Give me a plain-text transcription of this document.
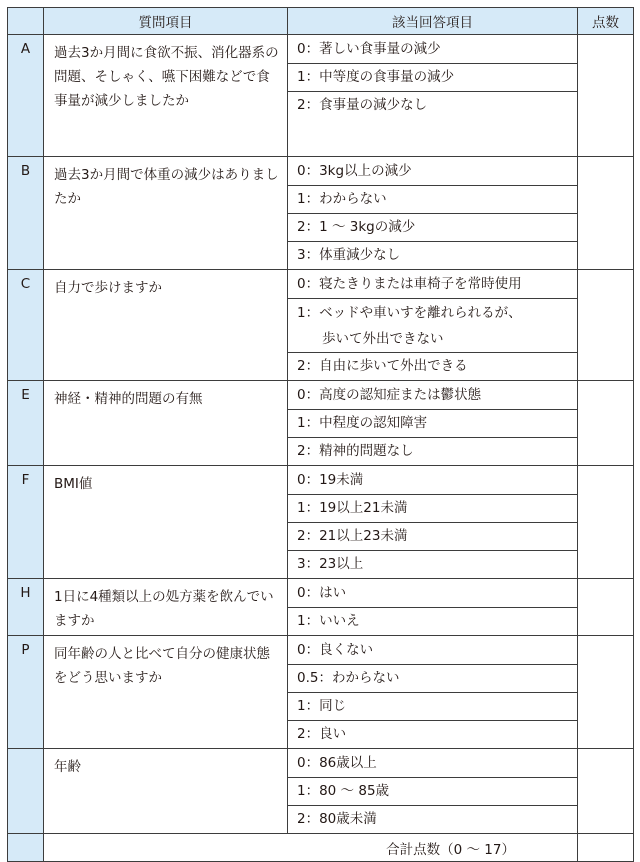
	質問項目	該当回答項目	点数
A	過去3か月間に食欲不振、消化器系の問題、そしゃく、嚥下困難などで食事量が減少しましたか	0：著しい食事量の減少	
		1：中等度の食事量の減少	
		2：食事量の減少なし	
B	過去3か月間で体重の減少はありましたか	0：3kg以上の減少	
		1：わからない	
		2：1 ～ 3kgの減少	
		3：体重減少なし	
C	自力で歩けますか	0：寝たきりまたは車椅子を常時使用	

		1：ベッドや車いすを離れられるが、
歩いて外出できない	

		2：自由に歩いて外出できる	
E	神経・精神的問題の有無	0：高度の認知症または鬱状態	
		1：中程度の認知障害	
		2：精神的問題なし	
F	BMI値	0：19未満	
		1：19以上21未満	
		2：21以上23未満	
		3：23以上	
H	1日に4種類以上の処方薬を飲んでいますか	0：はい	
		1：いいえ	
P	同年齢の人と比べて自分の健康状態をどう思いますか	0：良くない	
		0.5：わからない	
		1：同じ	
		2：良い	
	年齢	0：86歳以上	
		1：80 ～ 85歳	
		2：80歳未満	
	合計点数（0 ～ 17）		
